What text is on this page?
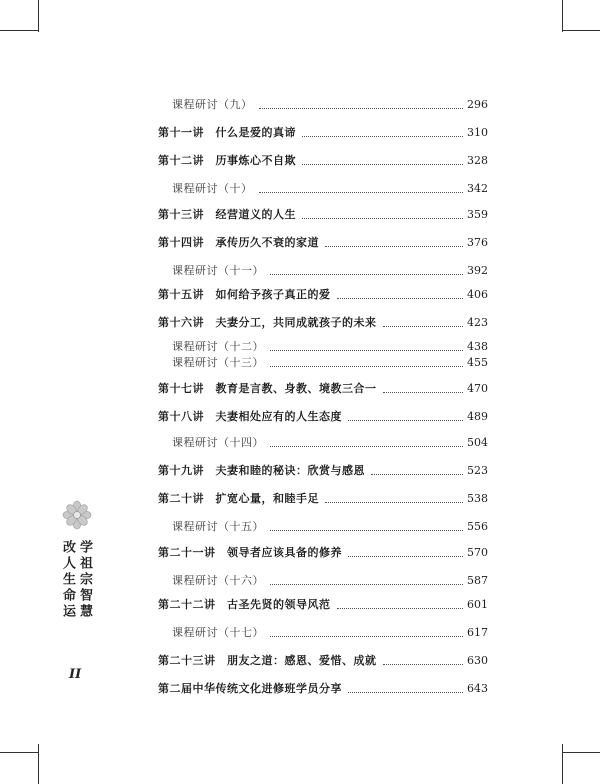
课程研讨（九）	296
第十一讲　什么是爱的真谛	310
第十二讲　历事炼心不自欺	328
课程研讨（十）	342
第十三讲　经营道义的人生	359
第十四讲　承传历久不衰的家道	376
课程研讨（十一）	392
第十五讲　如何给予孩子真正的爱	406
第十六讲　夫妻分工，共同成就孩子的未来	423
课程研讨（十二）	438
课程研讨（十三）	455
第十七讲　教育是言教、身教、境教三合一	470
第十八讲　夫妻相处应有的人生态度	489
课程研讨（十四）	504
第十九讲　夫妻和睦的秘诀：欣赏与感恩	523
第二十讲　扩宽心量，和睦手足	538
课程研讨（十五）	556
第二十一讲　领导者应该具备的修养	570
课程研讨（十六）	587
第二十二讲　古圣先贤的领导风范	601
课程研讨（十七）	617
第二十三讲　朋友之道：感恩、爱惜、成就	630
第二届中华传统文化进修班学员分享	643
学祖宗智慧
改人生命运
II
